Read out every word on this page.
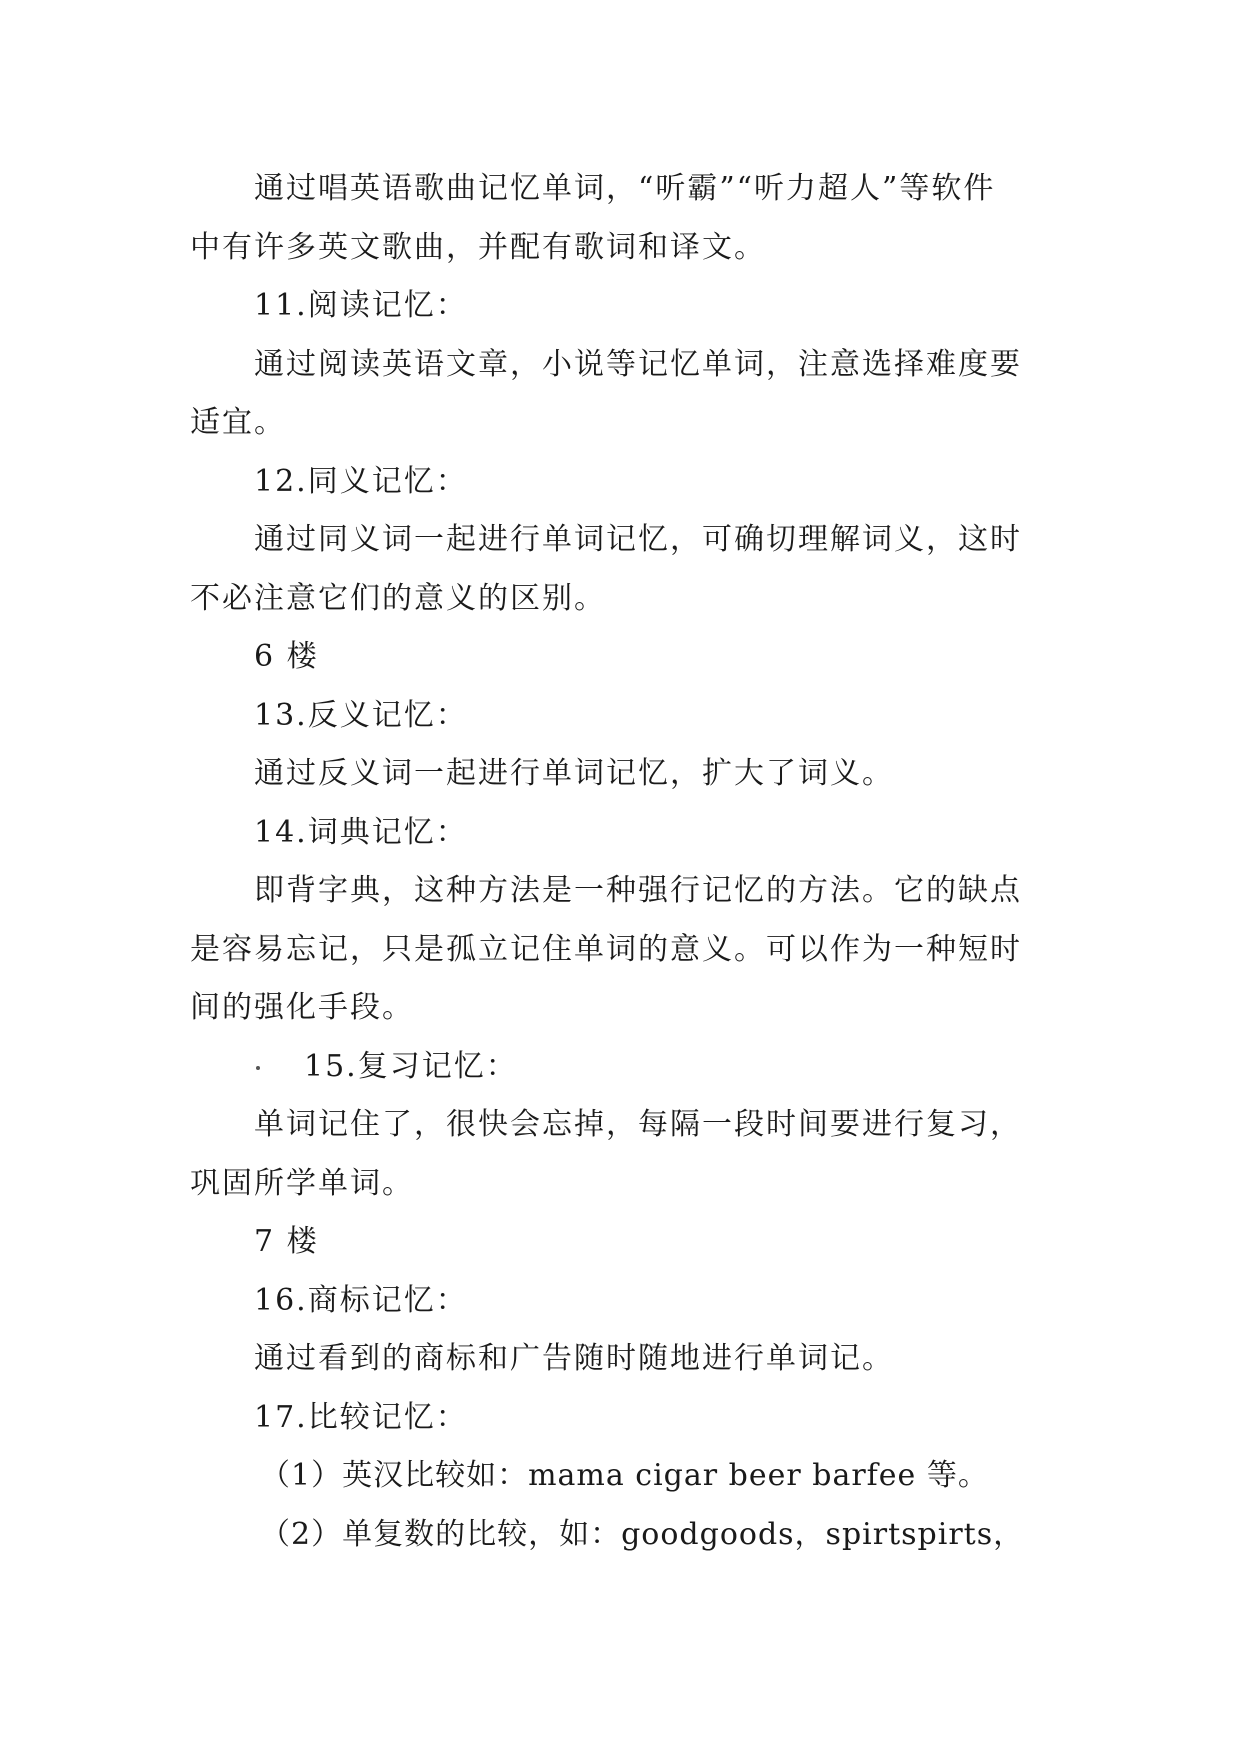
通过唱英语歌曲记忆单词，“听霸”“听力超人”等软件

中有许多英文歌曲，并配有歌词和译文。

11.阅读记忆：

通过阅读英语文章，小说等记忆单词，注意选择难度要

适宜。

12.同义记忆：

通过同义词一起进行单词记忆，可确切理解词义，这时

不必注意它们的意义的区别。

6 楼

13.反义记忆：

通过反义词一起进行单词记忆，扩大了词义。

14.词典记忆：

即背字典，这种方法是一种强行记忆的方法。它的缺点

是容易忘记，只是孤立记住单词的意义。可以作为一种短时

间的强化手段。

15.复习记忆：

单词记住了，很快会忘掉，每隔一段时间要进行复习，

巩固所学单词。

7 楼

16.商标记忆：

通过看到的商标和广告随时随地进行单词记。

17.比较记忆：

（1）英汉比较如：mama cigar beer barfee 等。

（2）单复数的比较，如：goodgoods，spirtspirts，
